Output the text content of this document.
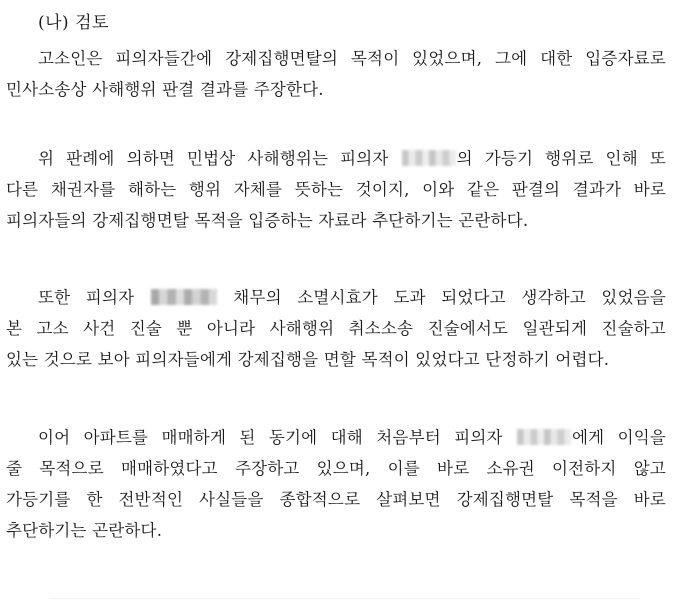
(나) 검토
고소인은 피의자들간에 강제집행면탈의 목적이 있었으며, 그에 대한 입증자료로
민사소송상 사해행위 판결 결과를 주장한다.
위 판례에 의하면 민법상 사해행위는 피의자	의 가등기 행위로 인해 또
다른 채권자를 해하는 행위 자체를 뜻하는 것이지, 이와 같은 판결의 결과가 바로
피의자들의 강제집행면탈 목적을 입증하는 자료라 추단하기는 곤란하다.
또한 피의자	채무의 소멸시효가 도과 되었다고 생각하고 있었음을
본 고소 사건 진술 뿐 아니라 사해행위 취소소송 진술에서도 일관되게 진술하고
있는 것으로 보아 피의자들에게 강제집행을 면할 목적이 있었다고 단정하기 어렵다.
이어 아파트를 매매하게 된 동기에 대해 처음부터 피의자	에게 이익을
줄 목적으로 매매하였다고 주장하고 있으며, 이를 바로 소유권 이전하지 않고
가등기를 한 전반적인 사실들을 종합적으로 살펴보면 강제집행면탈 목적을 바로
추단하기는 곤란하다.
